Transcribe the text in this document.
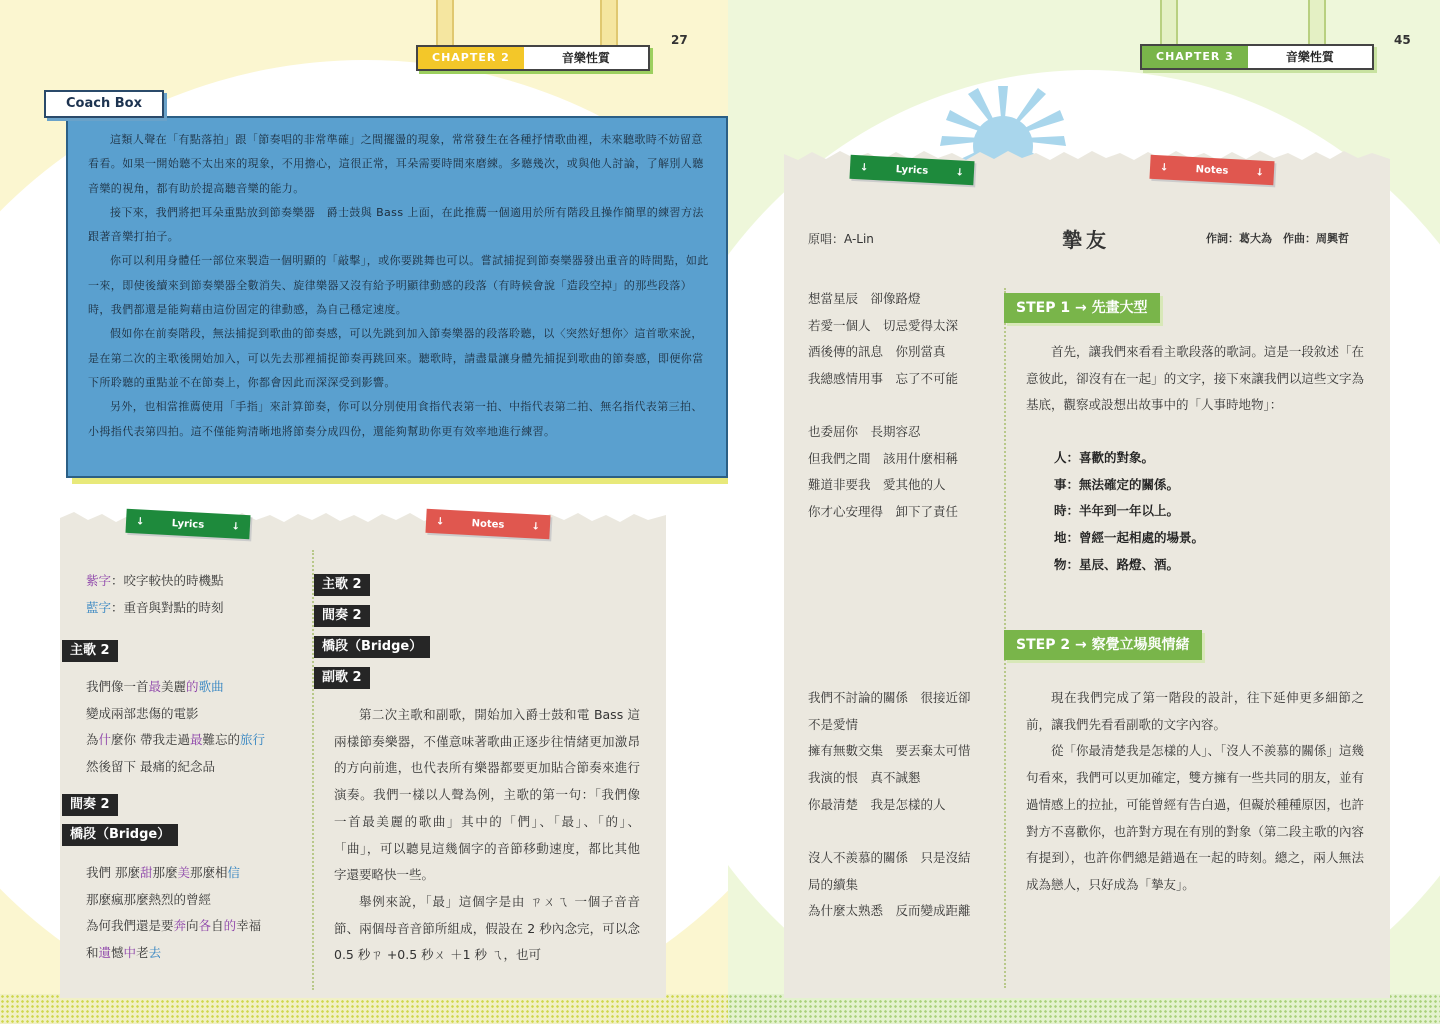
CHAPTER 2	音樂性質
27
Coach Box

這類人聲在「有點落拍」跟「節奏唱的非常準確」之間擺盪的現象，常常發生在各種抒情歌曲裡，未來聽歌時不妨留意看看。如果一開始聽不太出來的現象，不用擔心，這很正常，耳朵需要時間來磨練。多聽幾次，或與他人討論，了解別人聽音樂的視角，都有助於提高聽音樂的能力。

接下來，我們將把耳朵重點放到節奏樂器　爵士鼓與 Bass 上面，在此推薦一個適用於所有階段且操作簡單的練習方法　跟著音樂打拍子。

你可以利用身體任一部位來製造一個明顯的「敲擊」，或你要跳舞也可以。嘗試捕捉到節奏樂器發出重音的時間點，如此一來，即使後續來到節奏樂器全數消失、旋律樂器又沒有給予明顯律動感的段落（有時候會說「造段空掉」的那些段落）時，我們都還是能夠藉由這份固定的律動感，為自己穩定速度。

假如你在前奏階段，無法捕捉到歌曲的節奏感，可以先跳到加入節奏樂器的段落聆聽，以〈突然好想你〉這首歌來說，是在第二次的主歌後開始加入，可以先去那裡捕捉節奏再跳回來。聽歌時，請盡量讓身體先捕捉到歌曲的節奏感，即便你當下所聆聽的重點並不在節奏上，你都會因此而深深受到影響。

另外，也相當推薦使用「手指」來計算節奏，你可以分別使用食指代表第一拍、中指代表第二拍、無名指代表第三拍、小拇指代表第四拍。這不僅能夠清晰地將節奏分成四份，還能夠幫助你更有效率地進行練習。

↓	Lyrics	↓	↓	Notes	↓
紫字：咬字較快的時機點
藍字：重音與對點的時刻
主歌 2
我們像一首最美麗的歌曲
變成兩部悲傷的電影
為什麼你 帶我走過最難忘的旅行
然後留下 最痛的紀念品
間奏 2
橋段（Bridge）
我們 那麼甜那麼美那麼相信
那麼瘋那麼熱烈的曾經
為何我們還是要奔向各自的幸福
和遺憾中老去
主歌 2
間奏 2
橋段（Bridge）
副歌 2

第二次主歌和副歌，開始加入爵士鼓和電 Bass 這兩樣節奏樂器，不僅意味著歌曲正逐步往情緒更加激昂的方向前進，也代表所有樂器都要更加貼合節奏來進行演奏。我們一樣以人聲為例，主歌的第一句：「我們像一首最美麗的歌曲」其中的「們」、「最」、「的」、「曲」，可以聽見這幾個字的音節移動速度，都比其他字還要略快一些。

舉例來說，「最」這個字是由 ㄗㄨㄟ 一個子音音節、兩個母音音節所組成，假設在 2 秒內念完，可以念 0.5 秒ㄗ +0.5 秒ㄨ ＋1 秒 ㄟ，也可

CHAPTER 3	音樂性質
45
↓	Lyrics	↓	↓	Notes	↓
原唱：A-Lin	摯友	作詞：葛大為　作曲：周興哲
想當星辰　卻像路燈
若愛一個人　切忌愛得太深
酒後傳的訊息　你別當真
我總感情用事　忘了不可能
也委屈你　長期容忍
但我們之間　該用什麼相稱
難道非要我　愛其他的人
你才心安理得　卸下了責任
我們不討論的關係　很接近卻
不是愛情
擁有無數交集　要丟棄太可惜
我演的恨　真不誠懇
你最清楚　我是怎樣的人
沒人不羨慕的關係　只是沒結
局的續集
為什麼太熟悉　反而變成距離
STEP 1 → 先畫大型

首先，讓我們來看看主歌段落的歌詞。這是一段敘述「在意彼此，卻沒有在一起」的文字，接下來讓我們以這些文字為基底，觀察或設想出故事中的「人事時地物」：

人：喜歡的對象。
事：無法確定的關係。
時：半年到一年以上。
地：曾經一起相處的場景。
物：星辰、路燈、酒。
STEP 2 → 察覺立場與情緒

現在我們完成了第一階段的設計，往下延伸更多細節之前，讓我們先看看副歌的文字內容。

從「你最清楚我是怎樣的人」、「沒人不羨慕的關係」這幾句看來，我們可以更加確定，雙方擁有一些共同的朋友，並有過情感上的拉扯，可能曾經有告白過，但礙於種種原因，也許對方不喜歡你，也許對方現在有別的對象（第二段主歌的內容有提到），也許你們總是錯過在一起的時刻。總之，兩人無法成為戀人，只好成為「摯友」。
